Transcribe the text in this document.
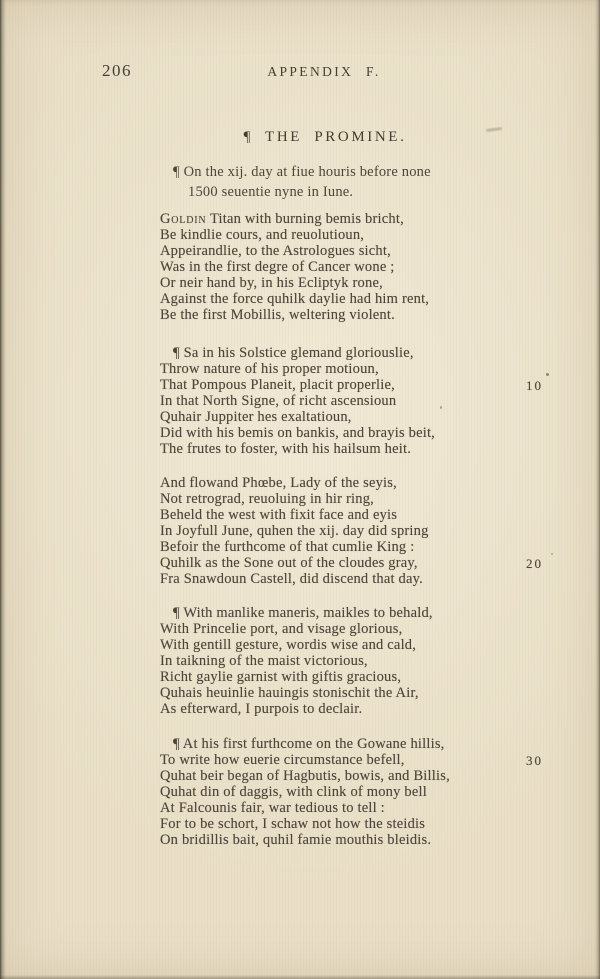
206	APPENDIX F.
¶ THE PROMINE.
¶ On the xij. day at fiue houris before none
1500 seuentie nyne in Iune.
Goldin Titan with burning bemis bricht,
Be kindlie cours, and reuolutioun,
Appeirandlie, to the Astrologues sicht,
Was in the first degre of Cancer wone ;
Or neir hand by, in his Ecliptyk rone,
Against the force quhilk daylie had him rent,
Be the first Mobillis, weltering violent.
¶ Sa in his Solstice glemand gloriouslie,
Throw nature of his proper motioun,
That Pompous Planeit, placit properlie,	10
In that North Signe, of richt ascensioun
Quhair Juppiter hes exaltatioun,
Did with his bemis on bankis, and brayis beit,
The frutes to foster, with his hailsum heit.
And flowand Phœbe, Lady of the seyis,
Not retrograd, reuoluing in hir ring,
Beheld the west with fixit face and eyis
In Joyfull June, quhen the xij. day did spring
Befoir the furthcome of that cumlie King :
Quhilk as the Sone out of the cloudes gray,	20
Fra Snawdoun Castell, did discend that day.
¶ With manlike maneris, maikles to behald,
With Princelie port, and visage glorious,
With gentill gesture, wordis wise and cald,
In taikning of the maist victorious,
Richt gaylie garnist with giftis gracious,
Quhais heuinlie hauingis stonischit the Air,
As efterward, I purpois to declair.
¶ At his first furthcome on the Gowane hillis,
To write how euerie circumstance befell,	30
Quhat beir began of Hagbutis, bowis, and Billis,
Quhat din of daggis, with clink of mony bell
At Falcounis fair, war tedious to tell :
For to be schort, I schaw not how the steidis
On bridillis bait, quhil famie mouthis bleidis.
